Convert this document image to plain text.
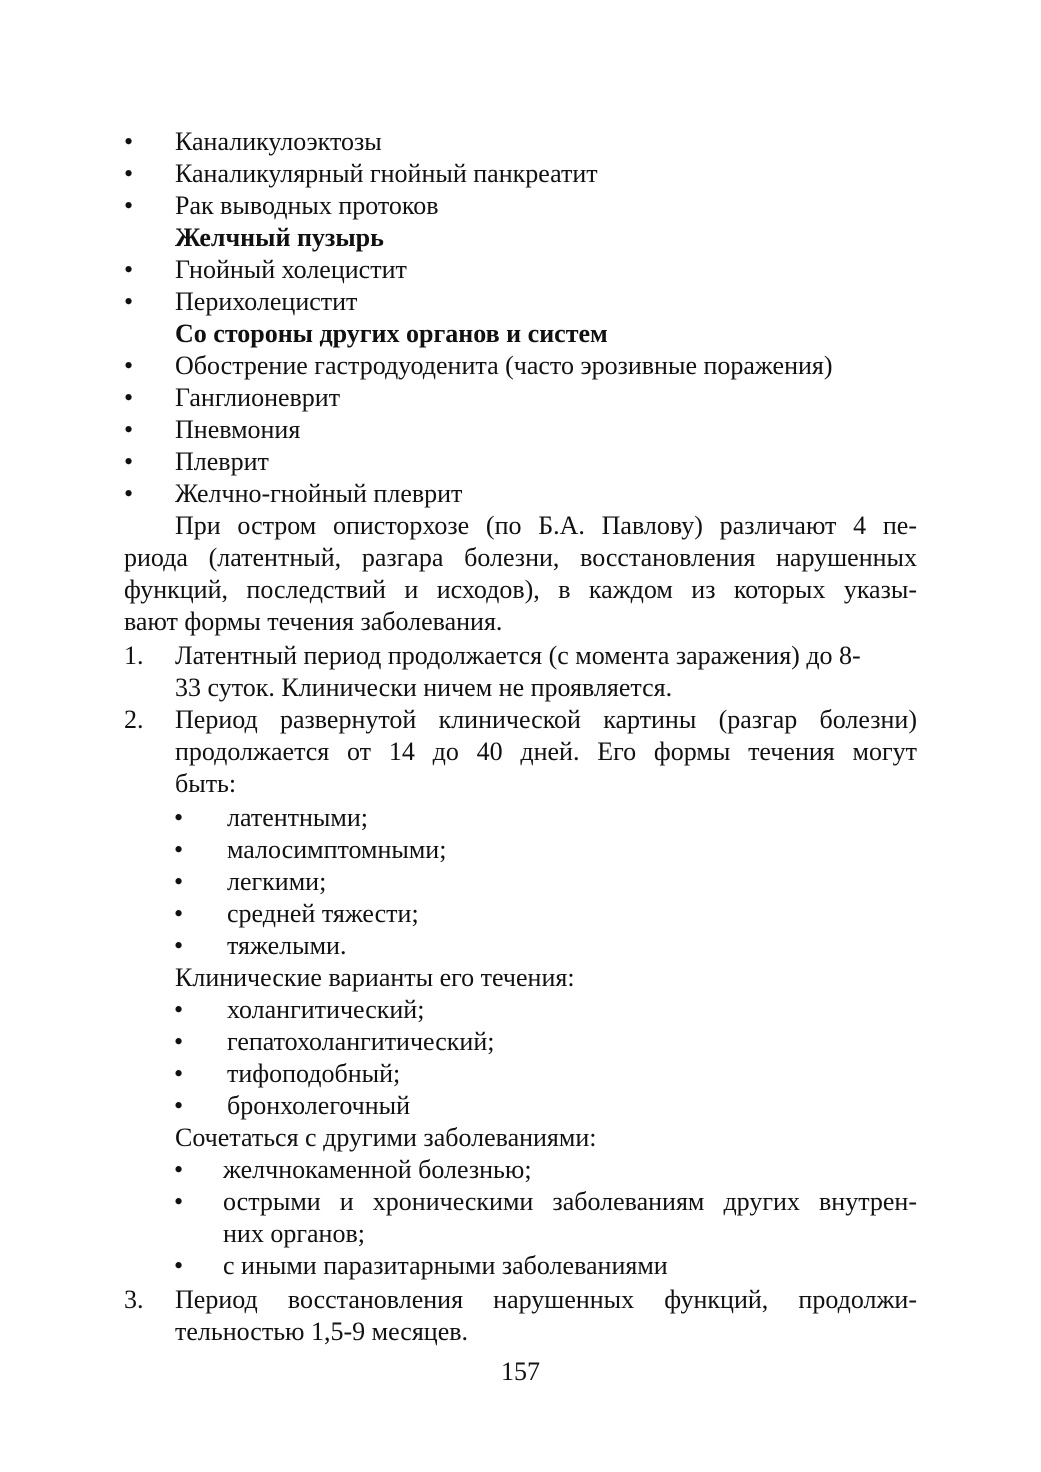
• Каналикулоэктозы
• Каналикулярный гнойный панкреатит
• Рак выводных протоков
Желчный пузырь
• Гнойный холецистит
• Перихолецистит
Со стороны других органов и систем
• Обострение гастродуоденита (часто эрозивные поражения)
• Ганглионеврит
• Пневмония
• Плеврит
• Желчно-гнойный плеврит
При остром описторхозе (по Б.А. Павлову) различают 4 пе-
риода (латентный, разгара болезни, восстановления нарушенных
функций, последствий и исходов), в каждом из которых указы-
вают формы течения заболевания.
1. Латентный период продолжается (с момента заражения) до 8-
33 суток. Клинически ничем не проявляется.
2. Период развернутой клинической картины (разгар болезни)
продолжается от 14 до 40 дней. Его формы течения могут
быть:
• латентными;
• малосимптомными;
• легкими;
• средней тяжести;
• тяжелыми.
Клинические варианты его течения:
• холангитический;
• гепатохолангитический;
• тифоподобный;
• бронхолегочный
Сочетаться с другими заболеваниями:
• желчнокаменной болезнью;
• острыми и хроническими заболеваниям других внутрен-
них органов;
• с иными паразитарными заболеваниями
3. Период восстановления нарушенных функций, продолжи-
тельностью 1,5-9 месяцев.
157
